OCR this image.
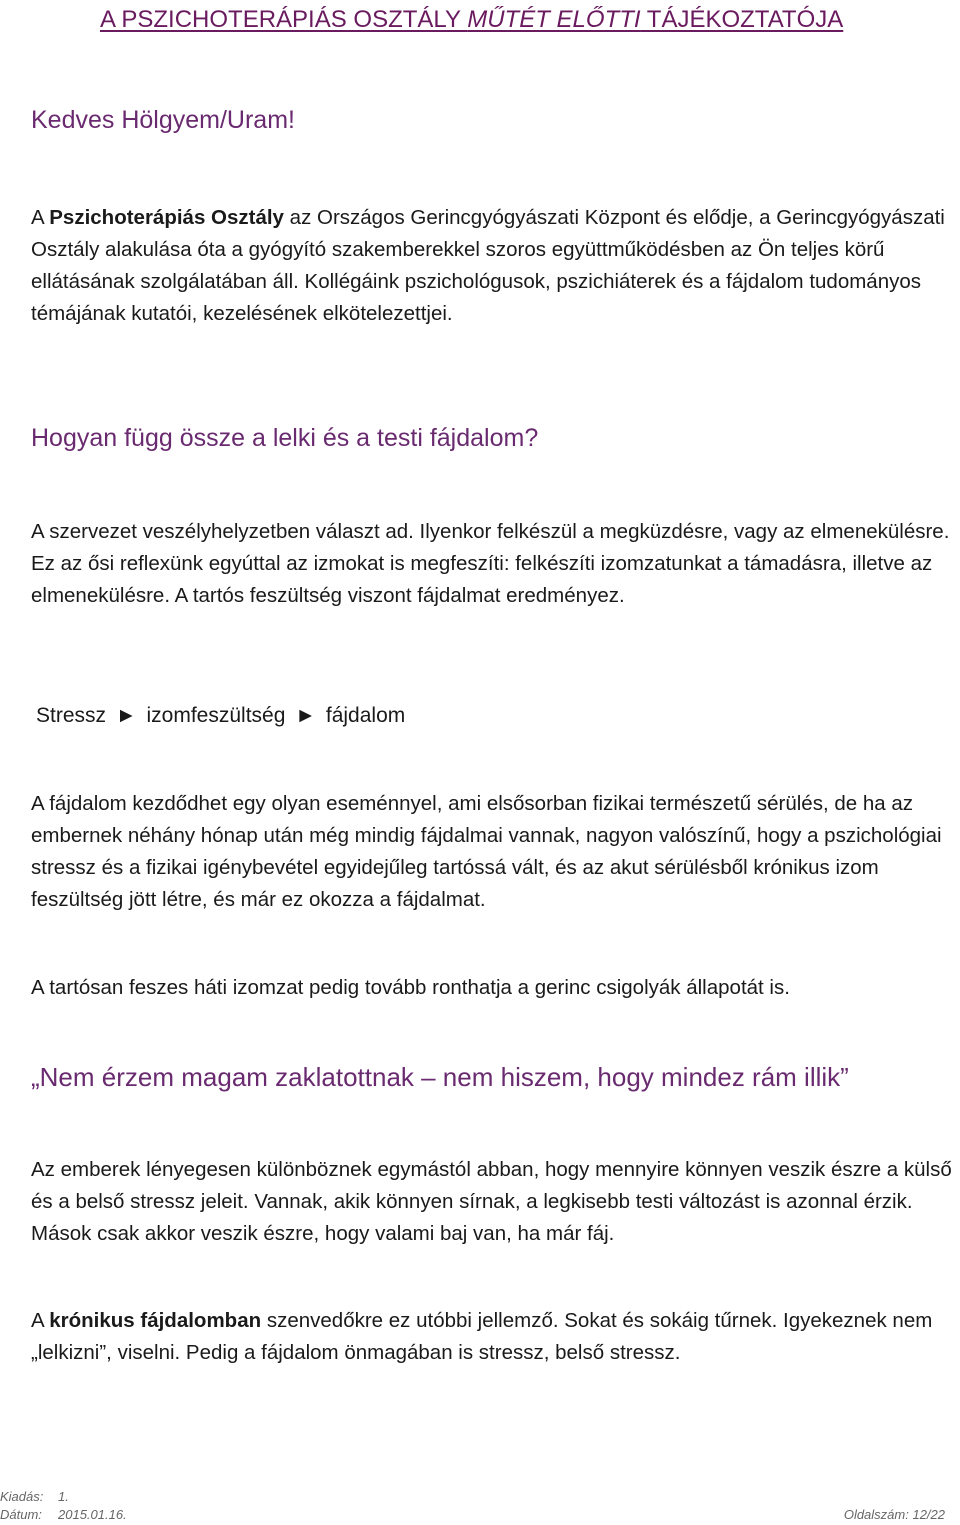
A PSZICHOTERÁPIÁS OSZTÁLY MŰTÉT ELŐTTI TÁJÉKOZTATÓJA
Kedves Hölgyem/Uram!

A Pszichoterápiás Osztály az Országos Gerincgyógyászati Központ és elődje, a Gerincgyógyászati Osztály alakulása óta a gyógyító szakemberekkel szoros együttműködésben az Ön teljes körű ellátásának szolgálatában áll. Kollégáink pszichológusok, pszichiáterek és a fájdalom tudományos témájának kutatói, kezelésének elkötelezettjei.

Hogyan függ össze a lelki és a testi fájdalom?

A szervezet veszélyhelyzetben választ ad. Ilyenkor felkészül a megküzdésre, vagy az elmenekülésre. Ez az ősi reflexünk egyúttal az izmokat is megfeszíti: felkészíti izomzatunkat a támadásra, illetve az elmenekülésre. A tartós feszültség viszont fájdalmat eredményez.

Stressz ► izomfeszültség ► fájdalom

A fájdalom kezdődhet egy olyan eseménnyel, ami elsősorban fizikai természetű sérülés, de ha az embernek néhány hónap után még mindig fájdalmai vannak, nagyon valószínű, hogy a pszichológiai stressz és a fizikai igénybevétel egyidejűleg tartóssá vált, és az akut sérülésből krónikus izom feszültség jött létre, és már ez okozza a fájdalmat.

A tartósan feszes háti izomzat pedig tovább ronthatja a gerinc csigolyák állapotát is.

„Nem érzem magam zaklatottnak – nem hiszem, hogy mindez rám illik”

Az emberek lényegesen különböznek egymástól abban, hogy mennyire könnyen veszik észre a külső és a belső stressz jeleit. Vannak, akik könnyen sírnak, a legkisebb testi változást is azonnal érzik. Mások csak akkor veszik észre, hogy valami baj van, ha már fáj.

A krónikus fájdalomban szenvedőkre ez utóbbi jellemző. Sokat és sokáig tűrnek. Igyekeznek nem „lelkizni”, viselni. Pedig a fájdalom önmagában is stressz, belső stressz.

Kiadás: 1.
Dátum: 2015.01.16.	Oldalszám: 12/22
